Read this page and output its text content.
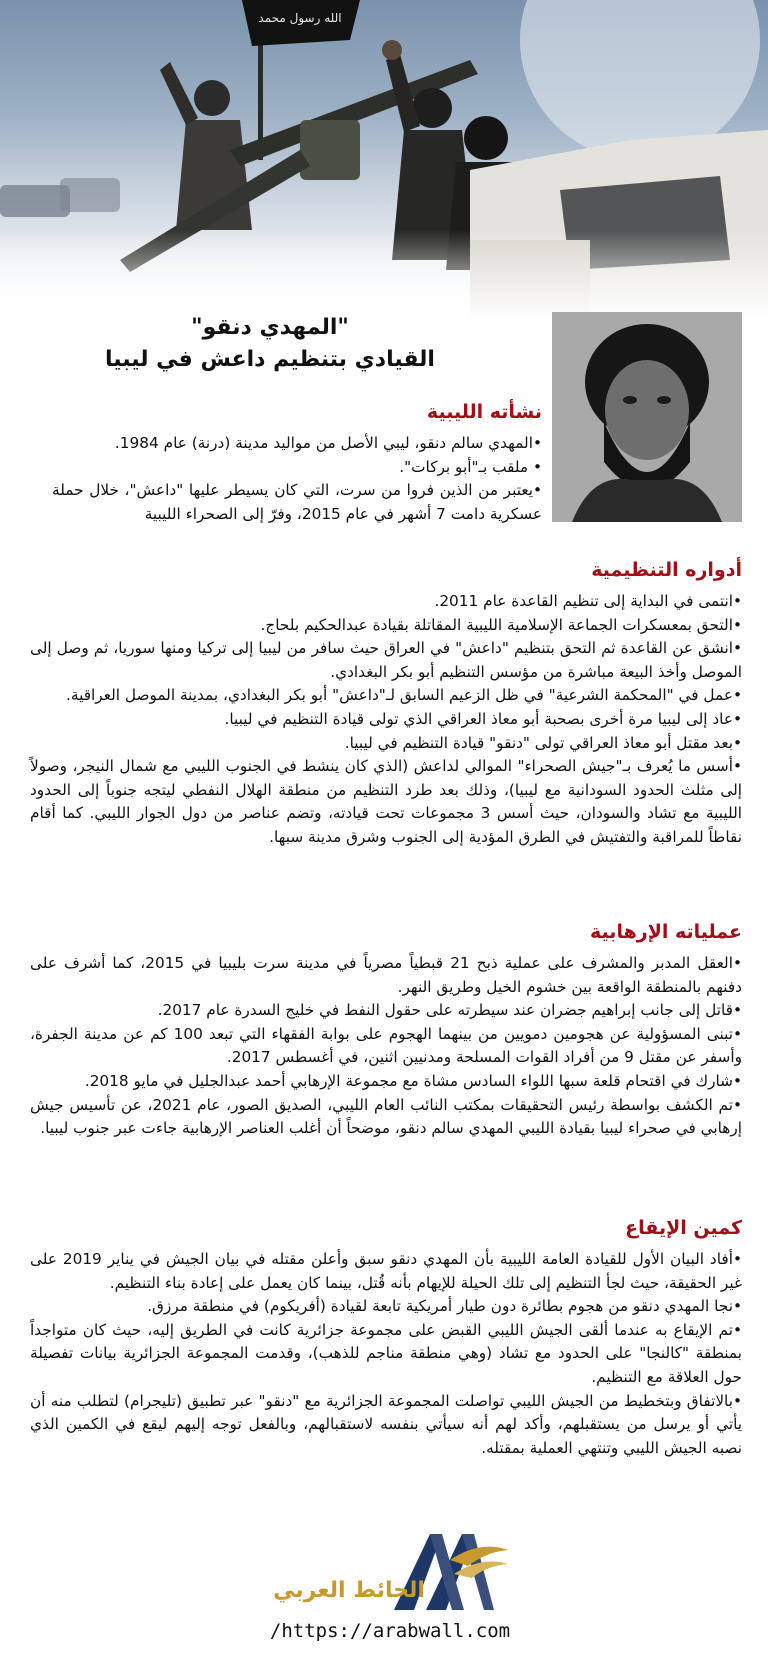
الله رسول محمد
"المهدي دنقو"
القيادي بتنظيم داعش في ليبيا
نشأته الليبية

•المهدي سالم دنقو، ليبي الأصل من مواليد مدينة (درنة) عام 1984.

• ملقب بـ"أبو بركات".

•يعتبر من الذين فروا من سرت، التي كان يسيطر عليها "داعش"، خلال حملة عسكرية دامت 7 أشهر في عام 2015، وفرّ إلى الصحراء الليبية

أدواره التنظيمية

•انتمى في البداية إلى تنظيم القاعدة عام 2011.

•التحق بمعسكرات الجماعة الإسلامية الليبية المقاتلة بقيادة عبدالحكيم بلحاج.

•انشق عن القاعدة ثم التحق بتنظيم "داعش" في العراق حيث سافر من ليبيا إلى تركيا ومنها سوريا، ثم وصل إلى الموصل وأخذ البيعة مباشرة من مؤسس التنظيم أبو بكر البغدادي.

•عمل في "المحكمة الشرعية" في ظل الزعيم السابق لـ"داعش" أبو بكر البغدادي، بمدينة الموصل العراقية.

•عاد إلى ليبيا مرة أخرى بصحبة أبو معاذ العراقي الذي تولى قيادة التنظيم في ليبيا.

•بعد مقتل أبو معاذ العراقي تولى "دنقو" قيادة التنظيم في ليبيا.

•أسس ما يُعرف بـ"جيش الصحراء" الموالي لداعش (الذي كان ينشط في الجنوب الليبي مع شمال النيجر، وصولاً إلى مثلث الحدود السودانية مع ليبيا)، وذلك بعد طرد التنظيم من منطقة الهلال النفطي ليتجه جنوباً إلى الحدود الليبية مع تشاد والسودان، حيث أسس 3 مجموعات تحت قيادته، وتضم عناصر من دول الجوار الليبي. كما أقام نقاطاً للمراقبة والتفتيش في الطرق المؤدية إلى الجنوب وشرق مدينة سبها.

عملياته الإرهابية

•العقل المدبر والمشرف على عملية ذبح 21 قبطياً مصرياً في مدينة سرت بليبيا في 2015، كما أشرف على دفنهم بالمنطقة الواقعة بين خشوم الخيل وطريق النهر.

•قاتل إلى جانب إبراهيم جضران عند سيطرته على حقول النفط في خليج السدرة عام 2017.

•تبنى المسؤولية عن هجومين دمويين من بينهما الهجوم على بوابة الفقهاء التي تبعد 100 كم عن مدينة الجفرة، وأسفر عن مقتل 9 من أفراد القوات المسلحة ومدنيين اثنين، في أغسطس 2017.

•شارك في اقتحام قلعة سبها اللواء السادس مشاة مع مجموعة الإرهابي أحمد عبدالجليل في مايو 2018.

•تم الكشف بواسطة رئيس التحقيقات بمكتب النائب العام الليبي، الصديق الصور، عام 2021، عن تأسيس جيش إرهابي في صحراء ليبيا بقيادة الليبي المهدي سالم دنقو، موضحاً أن أغلب العناصر الإرهابية جاءت عبر جنوب ليبيا.

كمين الإيقاع

•أفاد البيان الأول للقيادة العامة الليبية بأن المهدي دنقو سبق وأعلن مقتله في بيان الجيش في يناير 2019 على غير الحقيقة، حيث لجأ التنظيم إلى تلك الحيلة للإيهام بأنه قُتل، بينما كان يعمل على إعادة بناء التنظيم.

•نجا المهدي دنقو من هجوم بطائرة دون طيار أمريكية تابعة لقيادة (أفريكوم) في منطقة مرزق.

•تم الإيقاع به عندما ألقى الجيش الليبي القبض على مجموعة جزائرية كانت في الطريق إليه، حيث كان متواجداً بمنطقة "كالنجا" على الحدود مع تشاد (وهي منطقة مناجم للذهب)، وقدمت المجموعة الجزائرية بيانات تفصيلة حول العلاقة مع التنظيم.

•بالاتفاق وبتخطيط من الجيش الليبي تواصلت المجموعة الجزائرية مع "دنقو" عبر تطبيق (تليجرام) لتطلب منه أن يأتي أو يرسل من يستقبلهم، وأكد لهم أنه سيأتي بنفسه لاستقبالهم، وبالفعل توجه إليهم ليقع في الكمين الذي نصبه الجيش الليبي وتنتهي العملية بمقتله.

الحائط العربي
/https://arabwall.com
